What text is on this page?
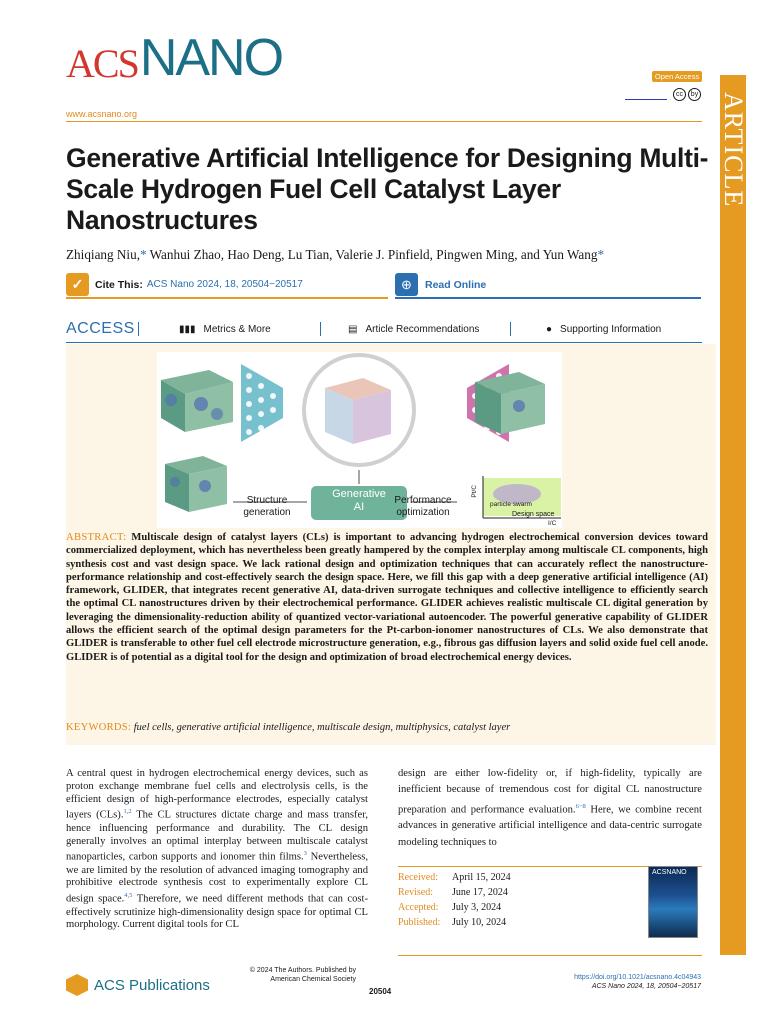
ACS NANO	Open Access
cc	by
www.acsnano.org	ARTICLE
Generative Artificial Intelligence for Designing Multi-Scale Hydrogen Fuel Cell Catalyst Layer Nanostructures
Zhiqiang Niu,* Wanhui Zhao, Hao Deng, Lu Tian, Valerie J. Pinfield, Pingwen Ming, and Yun Wang*
✓	Cite This: ACS Nano 2024, 18, 20504−20517	⊕	Read Online
ACCESS	▮▮▮ Metrics & More	▤ Article Recommendations	● Supporting Information
Structure
generation
Generative
AI
Performance
optimization
Pt/C
I/C
particle swarm
Design space

ABSTRACT: Multiscale design of catalyst layers (CLs) is important to advancing hydrogen electrochemical conversion devices toward commercialized deployment, which has nevertheless been greatly hampered by the complex interplay among multiscale CL components, high synthesis cost and vast design space. We lack rational design and optimization techniques that can accurately reflect the nanostructure-performance relationship and cost-effectively search the design space. Here, we fill this gap with a deep generative artificial intelligence (AI) framework, GLIDER, that integrates recent generative AI, data-driven surrogate techniques and collective intelligence to efficiently search the optimal CL nanostructures driven by their electrochemical performance. GLIDER achieves realistic multiscale CL digital generation by leveraging the dimensionality-reduction ability of quantized vector-variational autoencoder. The powerful generative capability of GLIDER allows the efficient search of the optimal design parameters for the Pt-carbon-ionomer nanostructures of CLs. We also demonstrate that GLIDER is transferable to other fuel cell electrode microstructure generation, e.g., fibrous gas diffusion layers and solid oxide fuel cell anode. GLIDER is of potential as a digital tool for the design and optimization of broad electrochemical energy devices.

KEYWORDS: fuel cells, generative artificial intelligence, multiscale design, multiphysics, catalyst layer

A central quest in hydrogen electrochemical energy devices, such as proton exchange membrane fuel cells and electrolysis cells, is the efficient design of high-performance electrodes, especially catalyst layers (CLs).$^{1,2}$ The CL structures dictate charge and mass transfer, hence influencing performance and durability. The CL design generally involves an optimal interplay between multiscale catalyst nanoparticles, carbon supports and ionomer thin films.$^3$ Nevertheless, we are limited by the resolution of advanced imaging tomography and prohibitive electrode synthesis cost to experimentally explore CL design space.$^{4,5}$ Therefore, we need different methods that can cost-effectively scrutinize high-dimensionality design space for optimal CL morphology. Current digital tools for CL

design are either low-fidelity or, if high-fidelity, typically are inefficient because of tremendous cost for digital CL nanostructure preparation and performance evaluation.$^{6-8}$ Here, we combine recent advances in generative artificial intelligence and data-centric surrogate modeling techniques to

Received:	April 15, 2024
Revised:	June 17, 2024
Accepted:	July 3, 2024
Published:	July 10, 2024
ACSNANO
ACS Publications
© 2024 The Authors. Published by
American Chemical Society
20504
https://doi.org/10.1021/acsnano.4c04943
ACS Nano 2024, 18, 20504−20517
